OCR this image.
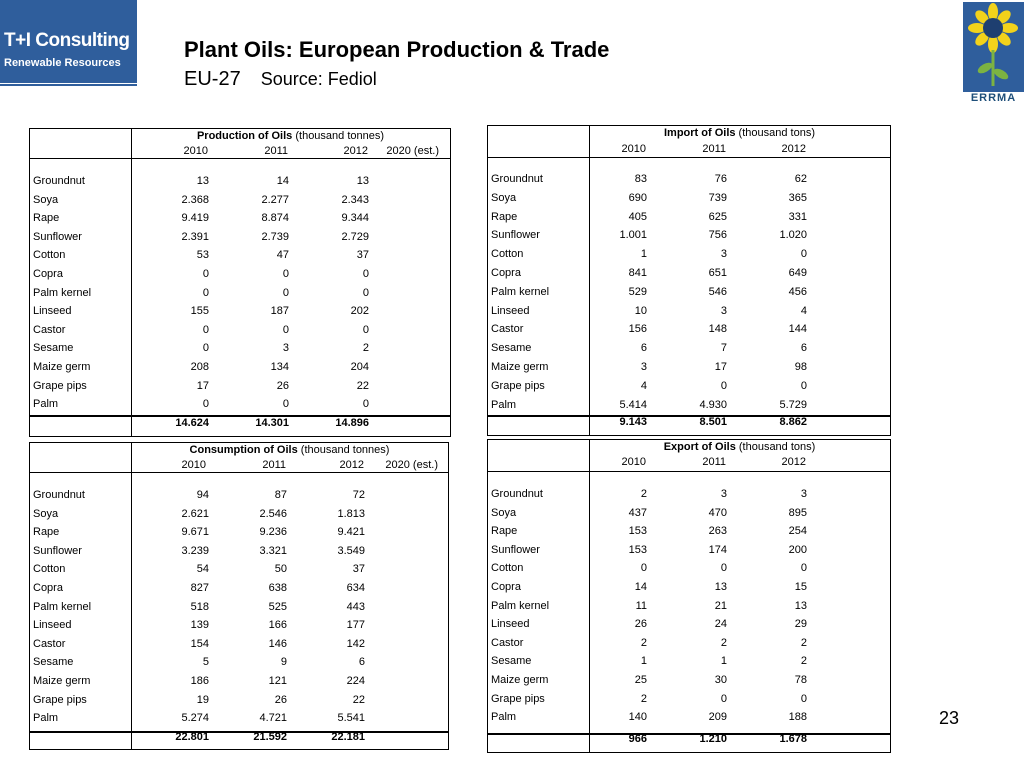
T+I Consulting
Renewable Resources
Plant Oils: European Production & Trade
EU-27 Source: Fediol
ERRMA
23
Production of Oils (thousand tonnes)
2010	2011	2012 2020 (est.)
Groundnut	13	14	13
Soya	2.368	2.277	2.343
Rape	9.419	8.874	9.344
Sunflower	2.391	2.739	2.729
Cotton	53	47	37
Copra	0	0	0
Palm kernel	0	0	0
Linseed	155	187	202
Castor	0	0	0
Sesame	0	3	2
Maize germ	208	134	204
Grape pips	17	26	22
Palm	0	0	0
14.624	14.301	14.896
Import of Oils (thousand tons)
2010	2011	2012
Groundnut	83	76	62
Soya	690	739	365
Rape	405	625	331
Sunflower	1.001	756	1.020
Cotton	1	3	0
Copra	841	651	649
Palm kernel	529	546	456
Linseed	10	3	4
Castor	156	148	144
Sesame	6	7	6
Maize germ	3	17	98
Grape pips	4	0	0
Palm	5.414	4.930	5.729
9.143	8.501	8.862
Consumption of Oils (thousand tonnes)
2010	2011	2012 2020 (est.)
Groundnut	94	87	72
Soya	2.621	2.546	1.813
Rape	9.671	9.236	9.421
Sunflower	3.239	3.321	3.549
Cotton	54	50	37
Copra	827	638	634
Palm kernel	518	525	443
Linseed	139	166	177
Castor	154	146	142
Sesame	5	9	6
Maize germ	186	121	224
Grape pips	19	26	22
Palm	5.274	4.721	5.541
22.801	21.592	22.181
Export of Oils (thousand tons)
2010	2011	2012
Groundnut	2	3	3
Soya	437	470	895
Rape	153	263	254
Sunflower	153	174	200
Cotton	0	0	0
Copra	14	13	15
Palm kernel	11	21	13
Linseed	26	24	29
Castor	2	2	2
Sesame	1	1	2
Maize germ	25	30	78
Grape pips	2	0	0
Palm	140	209	188
966	1.210	1.678
